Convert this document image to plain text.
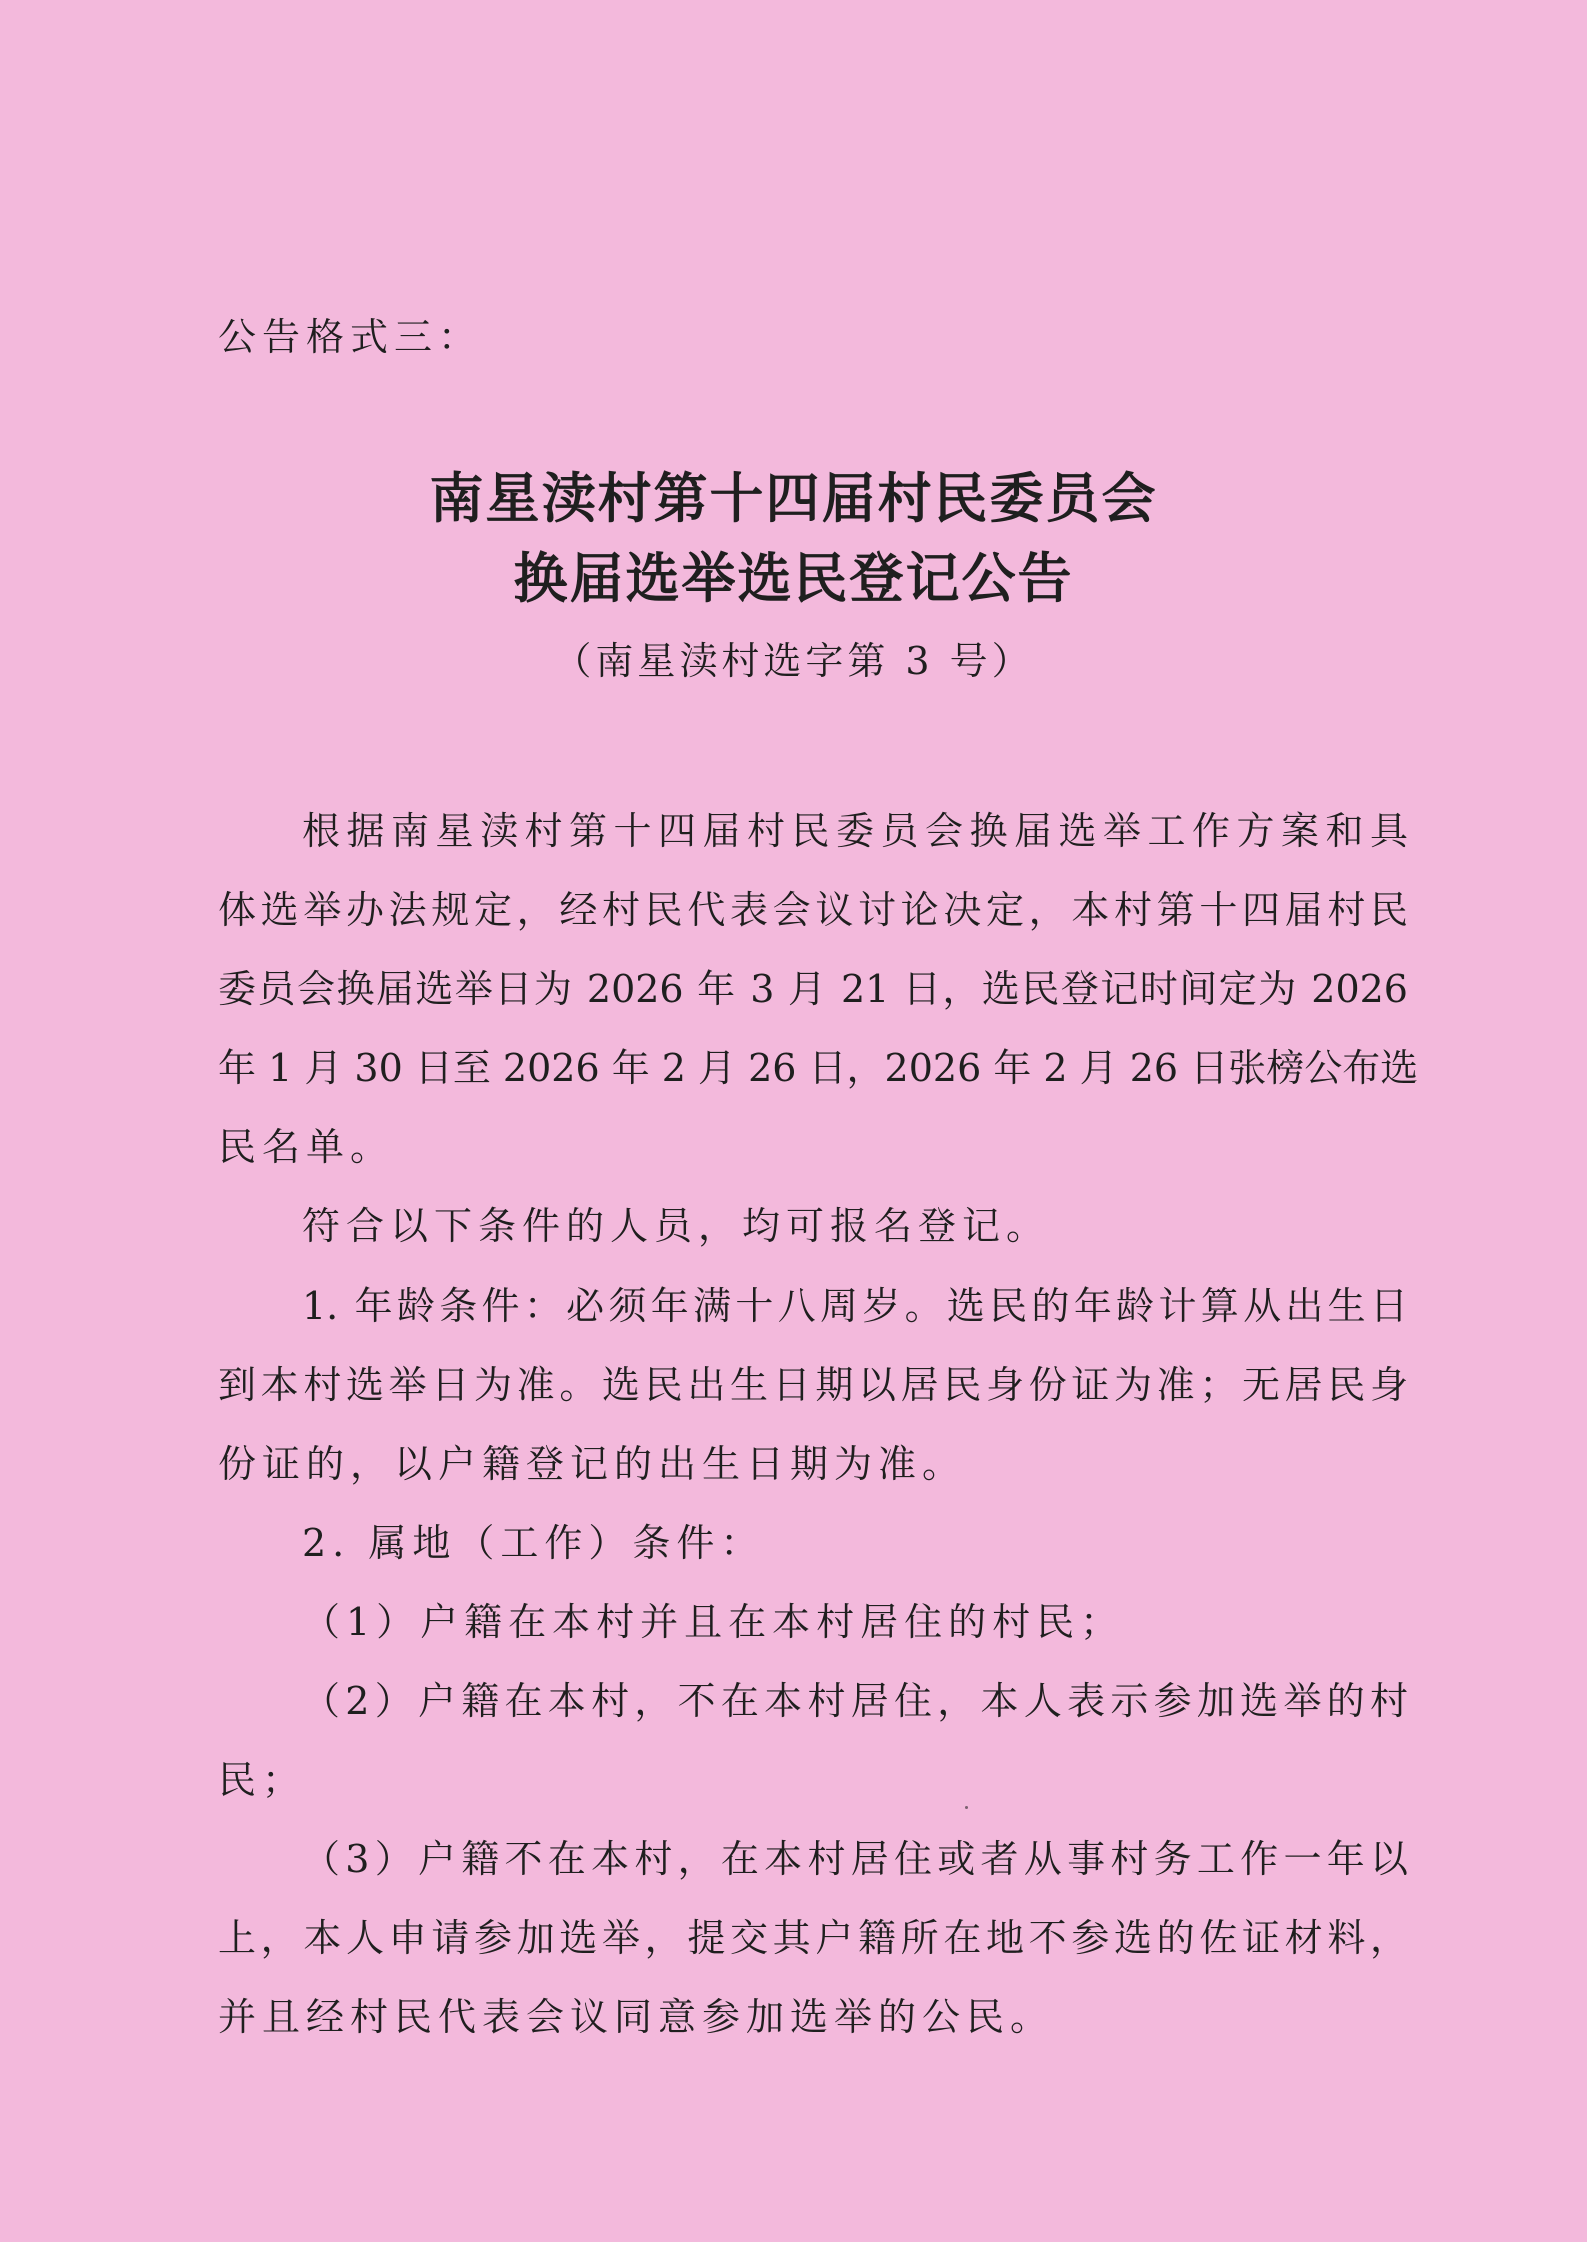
公告格式三：
南星渎村第十四届村民委员会
换届选举选民登记公告
（南星渎村选字第 3 号）
根据南星渎村第十四届村民委员会换届选举工作方案和具
体选举办法规定，经村民代表会议讨论决定，本村第十四届村民
委员会换届选举日为 2026 年 3 月 21 日，选民登记时间定为 2026
年 1 月 30 日至 2026 年 2 月 26 日，2026 年 2 月 26 日张榜公布选
民名单。
符合以下条件的人员，均可报名登记。
1. 年龄条件：必须年满十八周岁。选民的年龄计算从出生日
到本村选举日为准。选民出生日期以居民身份证为准；无居民身
份证的，以户籍登记的出生日期为准。
2. 属地（工作）条件：
（1）户籍在本村并且在本村居住的村民；
（2）户籍在本村，不在本村居住，本人表示参加选举的村
民；
（3）户籍不在本村，在本村居住或者从事村务工作一年以
上，本人申请参加选举，提交其户籍所在地不参选的佐证材料，
并且经村民代表会议同意参加选举的公民。
